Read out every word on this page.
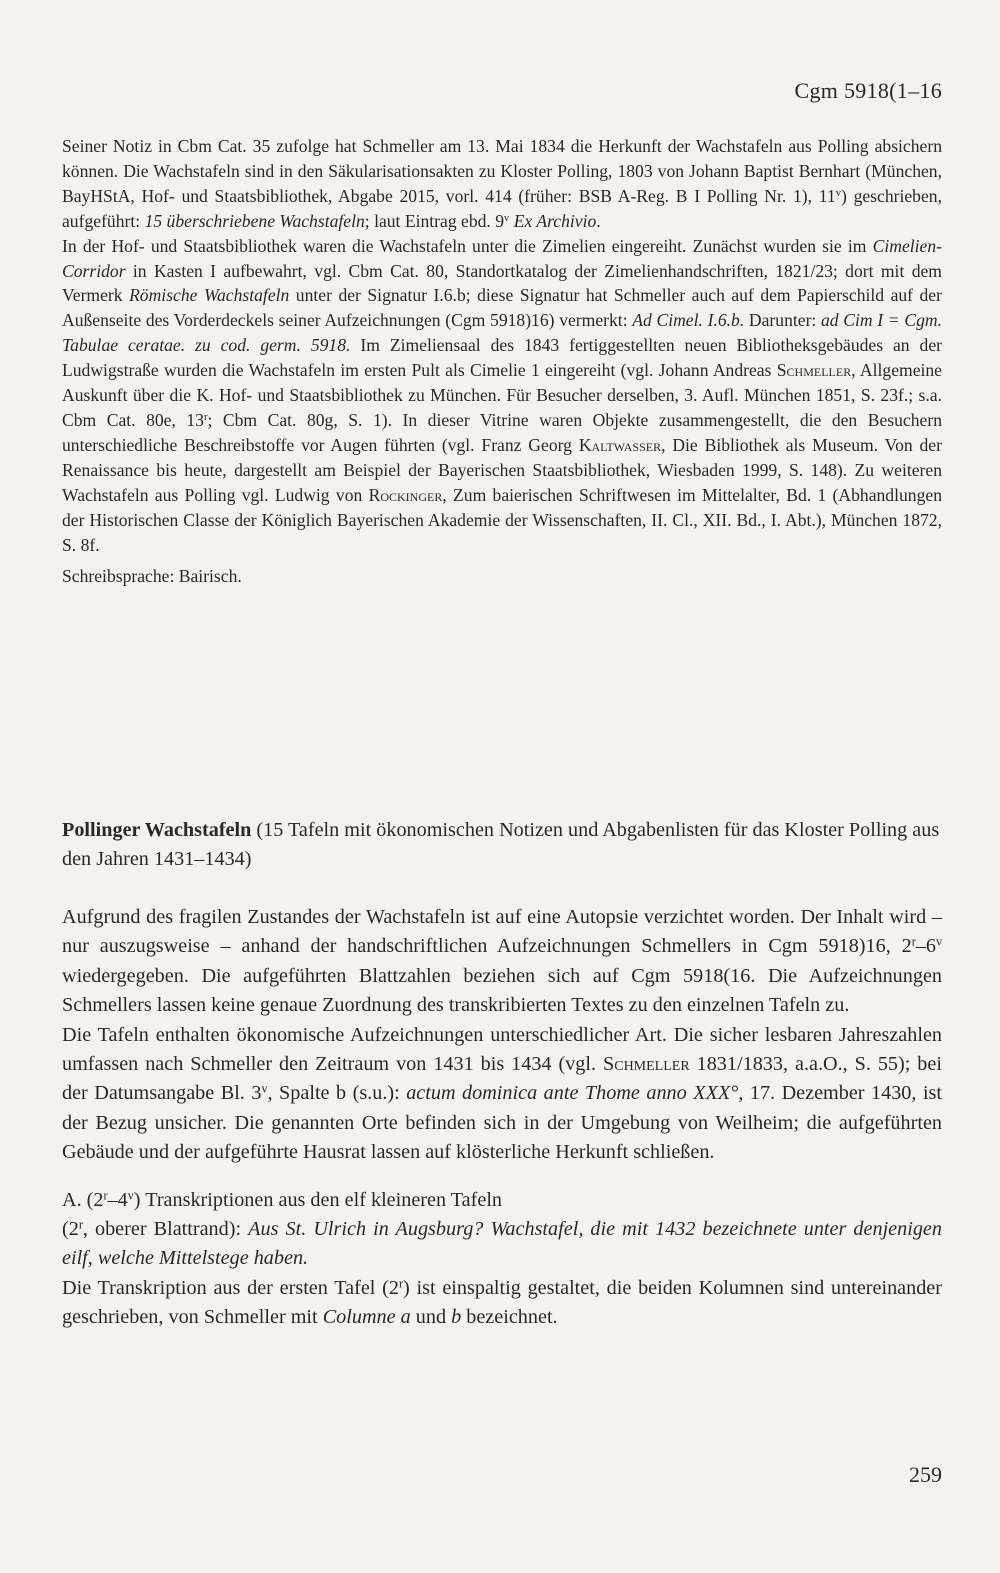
Cgm 5918(1–16

Seiner Notiz in Cbm Cat. 35 zufolge hat Schmeller am 13. Mai 1834 die Herkunft der Wachstafeln aus Polling absichern können. Die Wachstafeln sind in den Säkularisationsakten zu Kloster Polling, 1803 von Johann Baptist Bernhart (München, BayHStA, Hof- und Staatsbibliothek, Abgabe 2015, vorl. 414 (früher: BSB A-Reg. B I Polling Nr. 1), 11$^v$) geschrieben, aufgeführt: 15 überschriebene Wachstafeln; laut Eintrag ebd. 9$^v$ Ex Archivio.

In der Hof- und Staatsbibliothek waren die Wachstafeln unter die Zimelien eingereiht. Zunächst wurden sie im Cimelien-Corridor in Kasten I aufbewahrt, vgl. Cbm Cat. 80, Standortkatalog der Zimelienhandschriften, 1821/23; dort mit dem Vermerk Römische Wachstafeln unter der Signatur I.6.b; diese Signatur hat Schmeller auch auf dem Papierschild auf der Außenseite des Vorderdeckels seiner Aufzeichnungen (Cgm 5918)16) vermerkt: Ad Cimel. I.6.b. Darunter: ad Cim I = Cgm. Tabulae ceratae. zu cod. germ. 5918. Im Zimeliensaal des 1843 fertiggestellten neuen Bibliotheksgebäudes an der Ludwigstraße wurden die Wachstafeln im ersten Pult als Cimelie 1 eingereiht (vgl. Johann Andreas Schmeller, Allgemeine Auskunft über die K. Hof- und Staatsbibliothek zu München. Für Besucher derselben, 3. Aufl. München 1851, S. 23f.; s.a. Cbm Cat. 80e, 13$^r$; Cbm Cat. 80g, S. 1). In dieser Vitrine waren Objekte zusammengestellt, die den Besuchern unterschiedliche Beschreibstoffe vor Augen führten (vgl. Franz Georg Kaltwasser, Die Bibliothek als Museum. Von der Renaissance bis heute, dargestellt am Beispiel der Bayerischen Staatsbibliothek, Wiesbaden 1999, S. 148). Zu weiteren Wachstafeln aus Polling vgl. Ludwig von Rockinger, Zum baierischen Schriftwesen im Mittelalter, Bd. 1 (Abhandlungen der Historischen Classe der Königlich Bayerischen Akademie der Wissenschaften, II. Cl., XII. Bd., I. Abt.), München 1872, S. 8f.

Schreibsprache: Bairisch.

Pollinger Wachstafeln (15 Tafeln mit ökonomischen Notizen und Abgabenlisten für das Kloster Polling aus den Jahren 1431–1434)

Aufgrund des fragilen Zustandes der Wachstafeln ist auf eine Autopsie verzichtet worden. Der Inhalt wird – nur auszugsweise – anhand der handschriftlichen Aufzeichnungen Schmellers in Cgm 5918)16, 2$^r$–6$^v$ wiedergegeben. Die aufgeführten Blattzahlen beziehen sich auf Cgm 5918(16. Die Aufzeichnungen Schmellers lassen keine genaue Zuordnung des transkribierten Textes zu den einzelnen Tafeln zu.

Die Tafeln enthalten ökonomische Aufzeichnungen unterschiedlicher Art. Die sicher lesbaren Jahreszahlen umfassen nach Schmeller den Zeitraum von 1431 bis 1434 (vgl. Schmeller 1831/1833, a.a.O., S. 55); bei der Datumsangabe Bl. 3$^v$, Spalte b (s.u.): actum dominica ante Thome anno XXX°, 17. Dezember 1430, ist der Bezug unsicher. Die genannten Orte befinden sich in der Umgebung von Weilheim; die aufgeführten Gebäude und der aufgeführte Hausrat lassen auf klösterliche Herkunft schließen.

A. (2$^r$–4$^v$) Transkriptionen aus den elf kleineren Tafeln

(2$^r$, oberer Blattrand): Aus St. Ulrich in Augsburg? Wachstafel, die mit 1432 bezeichnete unter denjenigen eilf, welche Mittelstege haben.

Die Transkription aus der ersten Tafel (2$^r$) ist einspaltig gestaltet, die beiden Kolumnen sind untereinander geschrieben, von Schmeller mit Columne a und b bezeichnet.

259
